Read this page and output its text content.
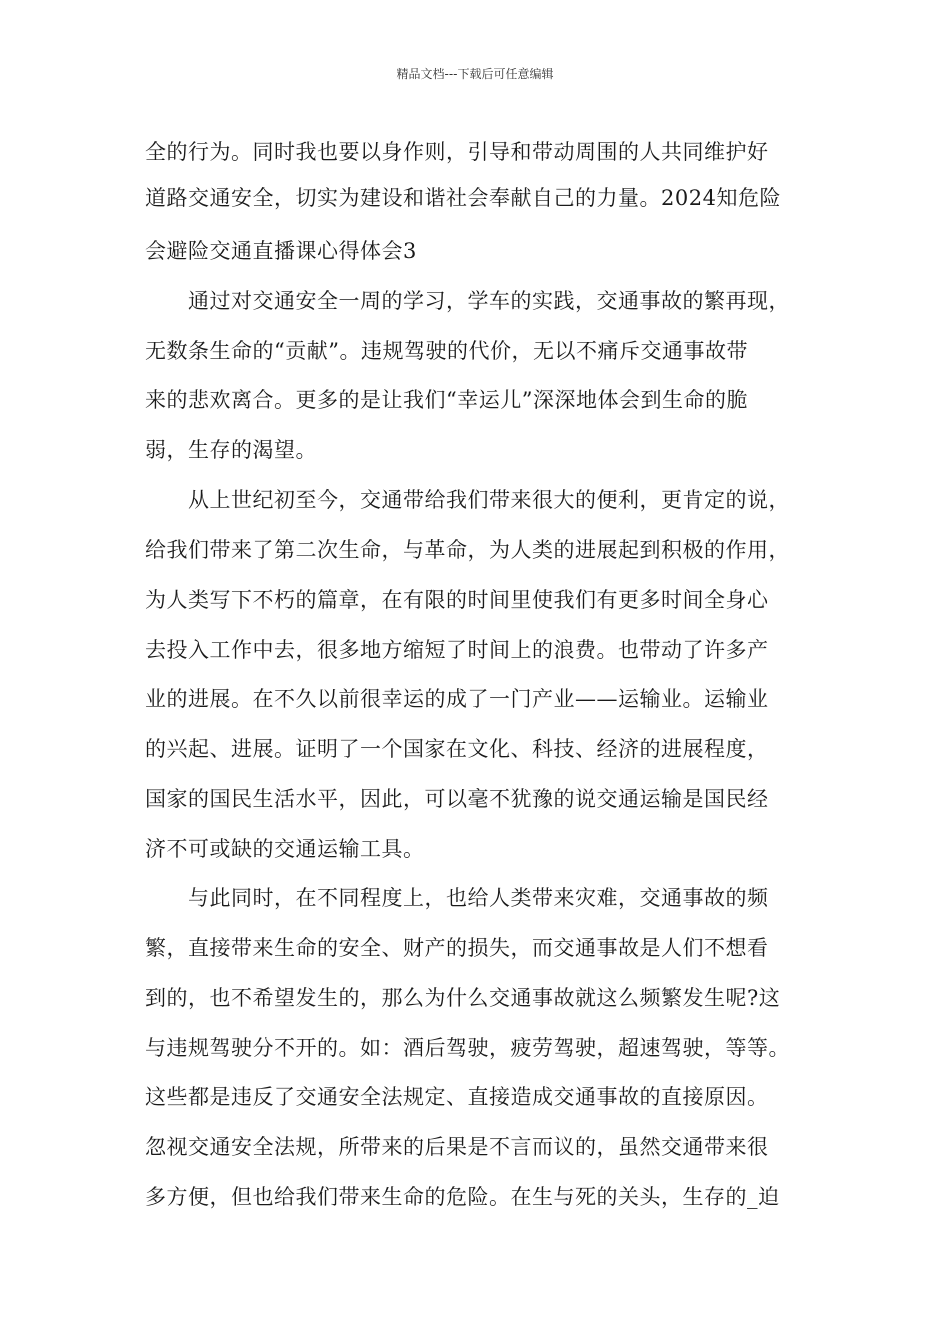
精品文档---下载后可任意编辑
全的行为。同时我也要以身作则，引导和带动周围的人共同维护好
道路交通安全，切实为建设和谐社会奉献自己的力量。2024知危险
会避险交通直播课心得体会3
　　通过对交通安全一周的学习，学车的实践，交通事故的繁再现，
无数条生命的“贡献”。违规驾驶的代价，无以不痛斥交通事故带
来的悲欢离合。更多的是让我们“幸运儿”深深地体会到生命的脆
弱，生存的渴望。
　　从上世纪初至今，交通带给我们带来很大的便利，更肯定的说，
给我们带来了第二次生命，与革命，为人类的进展起到积极的作用，
为人类写下不朽的篇章，在有限的时间里使我们有更多时间全身心
去投入工作中去，很多地方缩短了时间上的浪费。也带动了许多产
业的进展。在不久以前很幸运的成了一门产业——运输业。运输业
的兴起、进展。证明了一个国家在文化、科技、经济的进展程度，
国家的国民生活水平，因此，可以毫不犹豫的说交通运输是国民经
济不可或缺的交通运输工具。
　　与此同时，在不同程度上，也给人类带来灾难，交通事故的频
繁，直接带来生命的安全、财产的损失，而交通事故是人们不想看
到的，也不希望发生的，那么为什么交通事故就这么频繁发生呢?这
与违规驾驶分不开的。如：酒后驾驶，疲劳驾驶，超速驾驶，等等。
这些都是违反了交通安全法规定、直接造成交通事故的直接原因。
忽视交通安全法规，所带来的后果是不言而议的，虽然交通带来很
多方便，但也给我们带来生命的危险。在生与死的关头，生存的_迫
